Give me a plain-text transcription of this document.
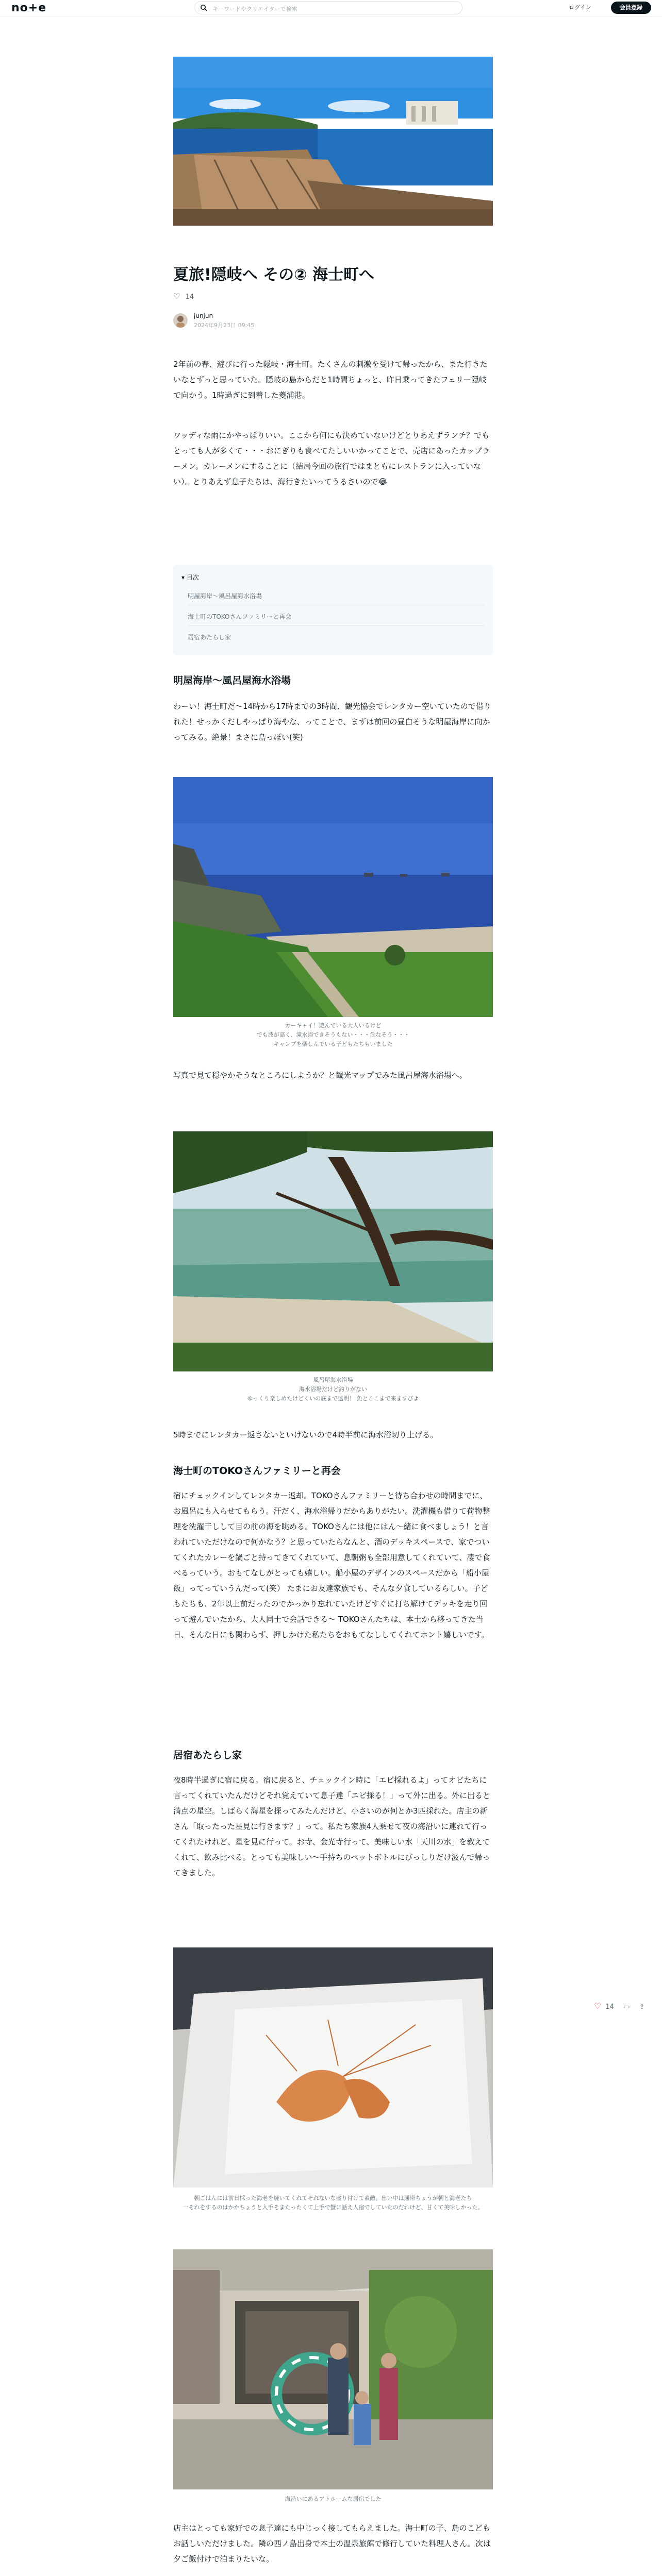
no+e	キーワードやクリエイターで検索	ログイン	会員登録
夏旅!隠岐へ その② 海士町へ
♡ 14
junjun
2024年9月23日 09:45
2年前の春、遊びに行った隠岐・海士町。たくさんの刺激を受けて帰ったから、また行きたいなとずっと思っていた。隠岐の島からだと1時間ちょっと、昨日乗ってきたフェリー隠岐で向かう。1時過ぎに到着した菱浦港。
ワッディな雨にかやっぱりいい。ここから何にも決めていないけどとりあえずランチ？でもとっても人が多くて・・・おにぎりも食べてたしいいかってことで、売店にあったカップラーメン。カレーメンにすることに（結局今回の旅行ではまともにレストランに入っていない）。とりあえず息子たちは、海行きたいってうるさいので😂
▾ 目次
明屋海岸〜風呂屋海水浴場
海士町のTOKOさんファミリーと再会
居宿あたらし家
明屋海岸〜風呂屋海水浴場
わーい！海士町だ〜14時から17時までの3時間、観光協会でレンタカー空いていたので借りれた！せっかくだしやっぱり海やな、ってことで、まずは前回の昼白そうな明屋海岸に向かってみる。絶景！まさに島っぽい(笑)
カーキャイ！遊んでいる大人いるけど
でも波が高く、滝水浴できそうもない・・・危なそう・・・
キャンプを楽しんでいる子どもたちもいました
写真で見て穏やかそうなところにしようか？と観光マップでみた風呂屋海水浴場へ。
風呂屋海水浴場
海水浴場だけど釣りがない
ゆっくり楽しめたけどくいの底まで透明！ 魚とここまで来ますびよ
5時までにレンタカー返さないといけないので4時半前に海水浴切り上げる。
海士町のTOKOさんファミリーと再会
宿にチェックインしてレンタカー返却。TOKOさんファミリーと待ち合わせの時間までに、お風呂にも入らせてもらう。汗だく、海水浴帰りだからありがたい。洗濯機も借りて荷物整理を洗濯干しして目の前の海を眺める。TOKOさんには他にはん〜緒に食べましょう！と言われていただけなので何かなう？と思っていたらなんと、酒のデッキスペースで、家でついてくれたカレーを鍋ごと持ってきてくれていて、息朝粥も全部用意してくれていて、凄で食べるっていう。おもてなしがとっても嬉しい。船小屋のデザインのスペースだから「船小屋飯」ってっていうんだって(笑） たまにお友達家族でも、そんな夕食しているらしい。子どもたちも、2年以上前だったのでかっかり忘れていたけどすぐに打ち解けてデッキを走り回って遊んでいたから、大人同士で会話できる〜 TOKOさんたちは、本土から移ってきた当日、そんな日にも関わらず、押しかけた私たちをおもてなししてくれてホント嬉しいです。
居宿あたらし家
夜8時半過ぎに宿に戻る。宿に戻ると、チェックイン時に「エビ採れるよ」ってオビたちに言ってくれていたんだけどそれ覚えていて息子達「エビ採る！」って外に出る。外に出ると満点の星空。しばらく海星を探ってみたんだけど、小さいのが何とか3匹採れた。店主の新さん「取ったった星見に行きます？」って。私たち家族4人乗せて夜の海沿いに連れて行ってくれたけれど、星を見に行って。お寺、金光寺行って、美味しい水「天川の水」を教えてくれて、飲み比べる。とっても美味しい〜手持ちのペットボトルにびっしりだけ汲んで帰ってきました。
朝ごはんには前日採った海老を焼いてくれてそれないな盛り付けて素敵。出い中は通帯ちょうが朝と海老たち
一それをするのはかかちょうと入手そまたったくて上手で蟹に話え人宿でしていたのだれけど、甘くて美味しかった。
海沿いにあるアトホームな居宿でした
店主はとっても家好での息子達にも中じっく接してもらえました。海士町の子、島のこどもお話しいただけました。隣の西ノ島出身で本土の温泉旅館で修行していた料理人さん。次は夕ご飯付けで泊まりたいな。
♡ 14 ▭ ⇪
